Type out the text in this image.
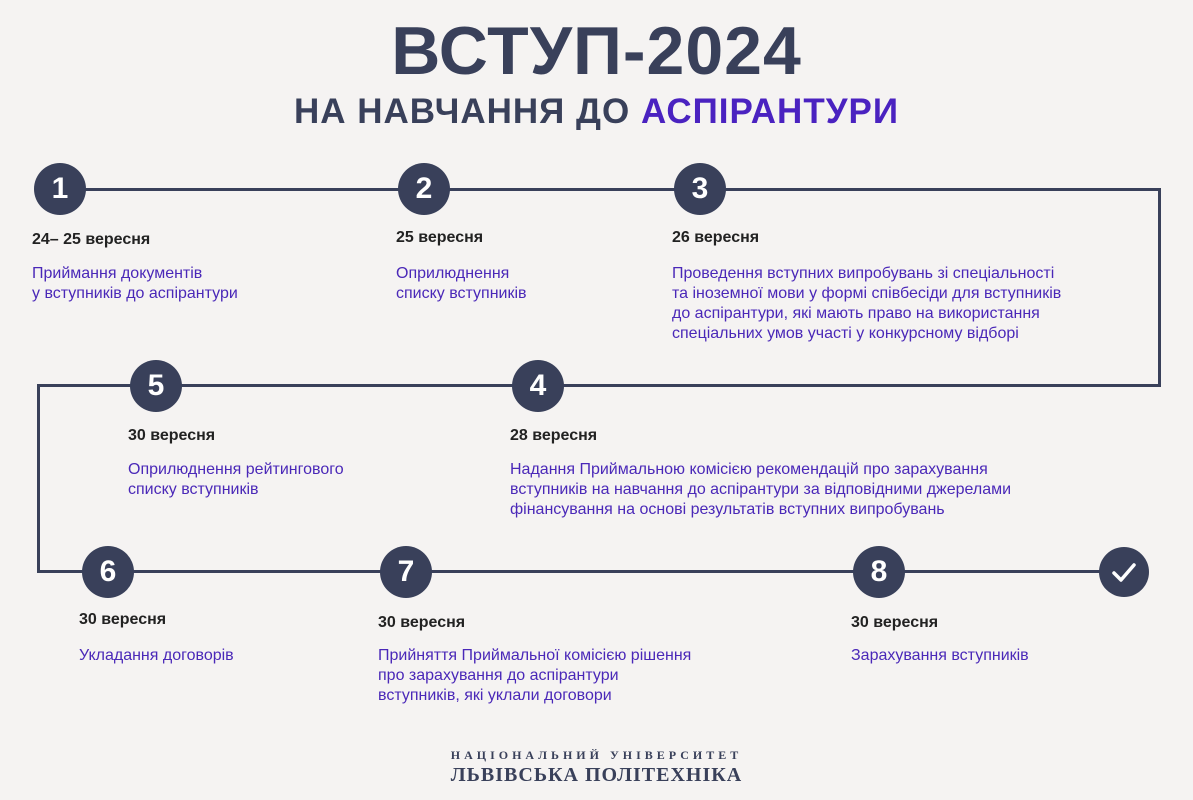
ВСТУП-2024
НА НАВЧАННЯ ДО АСПІРАНТУРИ
1
24– 25 вересня

Приймання документів
у вступників до аспірантури

2
25 вересня

Оприлюднення
списку вступників

3
26 вересня

Проведення вступних випробувань зі спеціальності
та іноземної мови у формі співбесіди для вступників
до аспірантури, які мають право на використання
спеціальних умов участі у конкурсному відборі

5
30 вересня

Оприлюднення рейтингового
списку вступників

4
28 вересня

Надання Приймальною комісією рекомендацій про зарахування
вступників на навчання до аспірантури за відповідними джерелами
фінансування на основі результатів вступних випробувань

6
30 вересня

Укладання договорів

7
30 вересня

Прийняття Приймальної комісією рішення
про зарахування до аспірантури
вступників, які уклали договори

8
30 вересня

Зарахування вступників

НАЦІОНАЛЬНИЙ УНІВЕРСИТЕТ
ЛЬВІВСЬКА ПОЛІТЕХНІКА
